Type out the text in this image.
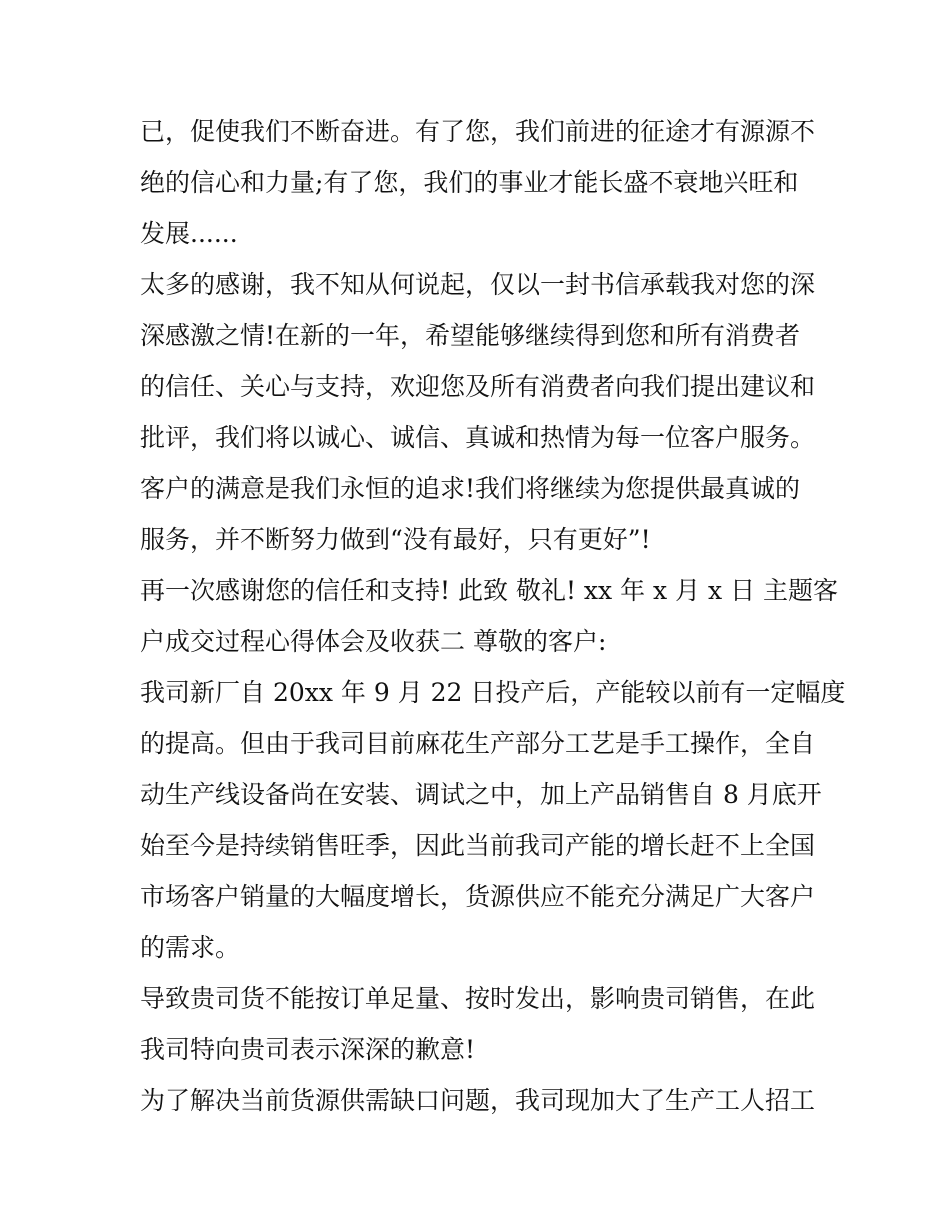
已，促使我们不断奋进。有了您，我们前进的征途才有源源不
绝的信心和力量;有了您，我们的事业才能长盛不衰地兴旺和
发展......
太多的感谢，我不知从何说起，仅以一封书信承载我对您的深
深感激之情!在新的一年，希望能够继续得到您和所有消费者
的信任、关心与支持，欢迎您及所有消费者向我们提出建议和
批评，我们将以诚心、诚信、真诚和热情为每一位客户服务。
客户的满意是我们永恒的追求!我们将继续为您提供最真诚的
服务，并不断努力做到“没有最好，只有更好”!
再一次感谢您的信任和支持! 此致 敬礼! xx 年 x 月 x 日 主题客
户成交过程心得体会及收获二 尊敬的客户:
我司新厂自 20xx 年 9 月 22 日投产后，产能较以前有一定幅度
的提高。但由于我司目前麻花生产部分工艺是手工操作，全自
动生产线设备尚在安装、调试之中，加上产品销售自 8 月底开
始至今是持续销售旺季，因此当前我司产能的增长赶不上全国
市场客户销量的大幅度增长，货源供应不能充分满足广大客户
的需求。
导致贵司货不能按订单足量、按时发出，影响贵司销售，在此
我司特向贵司表示深深的歉意!
为了解决当前货源供需缺口问题，我司现加大了生产工人招工
